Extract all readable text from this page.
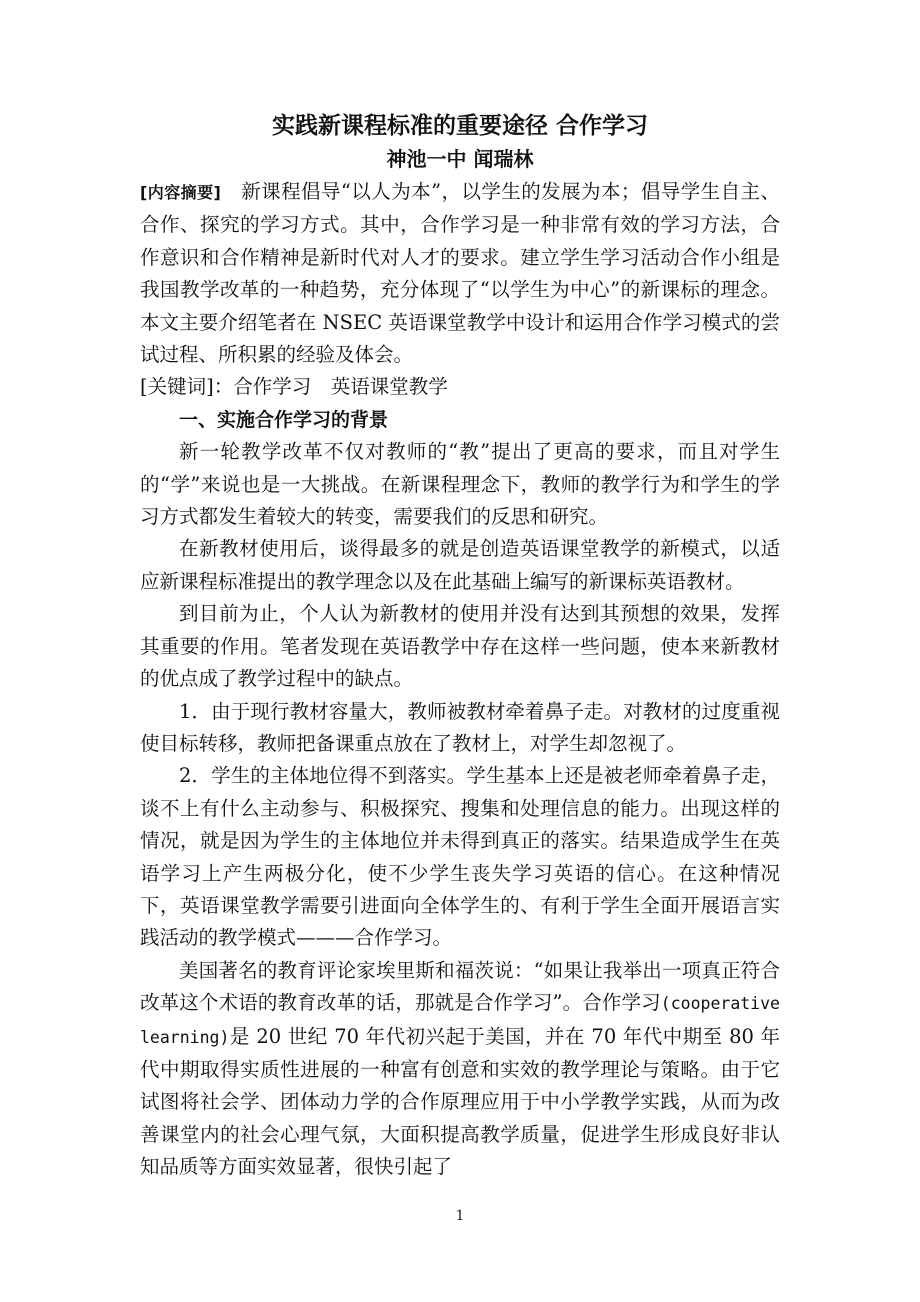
实践新课程标准的重要途径 合作学习
神池一中 闻瑞林

[内容摘要]　 新课程倡导“以人为本”，以学生的发展为本；倡导学生自主、合作、探究的学习方式。其中，合作学习是一种非常有效的学习方法，合作意识和合作精神是新时代对人才的要求。建立学生学习活动合作小组是我国教学改革的一种趋势，充分体现了“以学生为中心”的新课标的理念。本文主要介绍笔者在 NSEC 英语课堂教学中设计和运用合作学习模式的尝试过程、所积累的经验及体会。

[关键词]：合作学习　英语课堂教学

一、实施合作学习的背景

新一轮教学改革不仅对教师的“教”提出了更高的要求，而且对学生的“学”来说也是一大挑战。在新课程理念下，教师的教学行为和学生的学习方式都发生着较大的转变，需要我们的反思和研究。

在新教材使用后，谈得最多的就是创造英语课堂教学的新模式，以适应新课程标准提出的教学理念以及在此基础上编写的新课标英语教材。

到目前为止，个人认为新教材的使用并没有达到其预想的效果，发挥其重要的作用。笔者发现在英语教学中存在这样一些问题，使本来新教材的优点成了教学过程中的缺点。

1．由于现行教材容量大，教师被教材牵着鼻子走。对教材的过度重视使目标转移，教师把备课重点放在了教材上，对学生却忽视了。

2．学生的主体地位得不到落实。学生基本上还是被老师牵着鼻子走，谈不上有什么主动参与、积极探究、搜集和处理信息的能力。出现这样的情况，就是因为学生的主体地位并未得到真正的落实。结果造成学生在英语学习上产生两极分化，使不少学生丧失学习英语的信心。在这种情况下，英语课堂教学需要引进面向全体学生的、有利于学生全面开展语言实践活动的教学模式———合作学习。

美国著名的教育评论家埃里斯和福茨说：“如果让我举出一项真正符合改革这个术语的教育改革的话，那就是合作学习”。合作学习(cooperative learning)是 20 世纪 70 年代初兴起于美国，并在 70 年代中期至 80 年代中期取得实质性进展的一种富有创意和实效的教学理论与策略。由于它试图将社会学、团体动力学的合作原理应用于中小学教学实践，从而为改善课堂内的社会心理气氛，大面积提高教学质量，促进学生形成良好非认知品质等方面实效显著，很快引起了

1
